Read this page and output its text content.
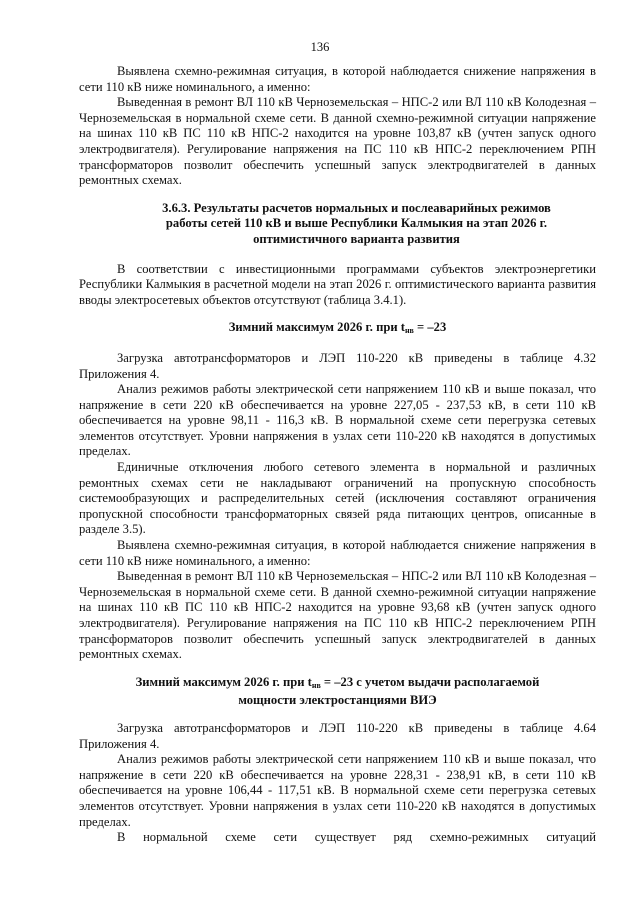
136

Выявлена схемно-режимная ситуация, в которой наблюдается снижение напряжения в сети 110 кВ ниже номинального, а именно:

Выведенная в ремонт ВЛ 110 кВ Черноземельская – НПС-2 или ВЛ 110 кВ Колодезная – Черноземельская в нормальной схеме сети. В данной схемно-режимной ситуации напряжение на шинах 110 кВ ПС 110 кВ НПС-2 находится на уровне 103,87 кВ (учтен запуск одного электродвигателя). Регулирование напряжения на ПС 110 кВ НПС-2 переключением РПН трансформаторов позволит обеспечить успешный запуск электродвигателей в данных ремонтных схемах.

3.6.3. Результаты расчетов нормальных и послеаварийных режимов
работы сетей 110 кВ и выше Республики Калмыкия на этап 2026 г.
оптимистичного варианта развития

В соответствии с инвестиционными программами субъектов электроэнергетики Республики Калмыкия в расчетной модели на этап 2026 г. оптимистического варианта развития вводы электросетевых объектов отсутствуют (таблица 3.4.1).

Зимний максимум 2026 г. при $t_{нв} = -23$

Загрузка автотрансформаторов и ЛЭП 110-220 кВ приведены в таблице 4.32 Приложения 4.

Анализ режимов работы электрической сети напряжением 110 кВ и выше показал, что напряжение в сети 220 кВ обеспечивается на уровне 227,05 - 237,53 кВ, в сети 110 кВ обеспечивается на уровне 98,11 - 116,3 кВ. В нормальной схеме сети перегрузка сетевых элементов отсутствует. Уровни напряжения в узлах сети 110-220 кВ находятся в допустимых пределах.

Единичные отключения любого сетевого элемента в нормальной и различных ремонтных схемах сети не накладывают ограничений на пропускную способность системообразующих и распределительных сетей (исключения составляют ограничения пропускной способности трансформаторных связей ряда питающих центров, описанные в разделе 3.5).

Выявлена схемно-режимная ситуация, в которой наблюдается снижение напряжения в сети 110 кВ ниже номинального, а именно:

Выведенная в ремонт ВЛ 110 кВ Черноземельская – НПС-2 или ВЛ 110 кВ Колодезная – Черноземельская в нормальной схеме сети. В данной схемно-режимной ситуации напряжение на шинах 110 кВ ПС 110 кВ НПС-2 находится на уровне 93,68 кВ (учтен запуск одного электродвигателя). Регулирование напряжения на ПС 110 кВ НПС-2 переключением РПН трансформаторов позволит обеспечить успешный запуск электродвигателей в данных ремонтных схемах.

Зимний максимум 2026 г. при $t_{нв} = -23$ с учетом выдачи располагаемой
мощности электростанциями ВИЭ

Загрузка автотрансформаторов и ЛЭП 110-220 кВ приведены в таблице 4.64 Приложения 4.

Анализ режимов работы электрической сети напряжением 110 кВ и выше показал, что напряжение в сети 220 кВ обеспечивается на уровне 228,31 - 238,91 кВ, в сети 110 кВ обеспечивается на уровне 106,44 - 117,51 кВ. В нормальной схеме сети перегрузка сетевых элементов отсутствует. Уровни напряжения в узлах сети 110-220 кВ находятся в допустимых пределах.

В нормальной схеме сети существует ряд схемно-режимных ситуаций
